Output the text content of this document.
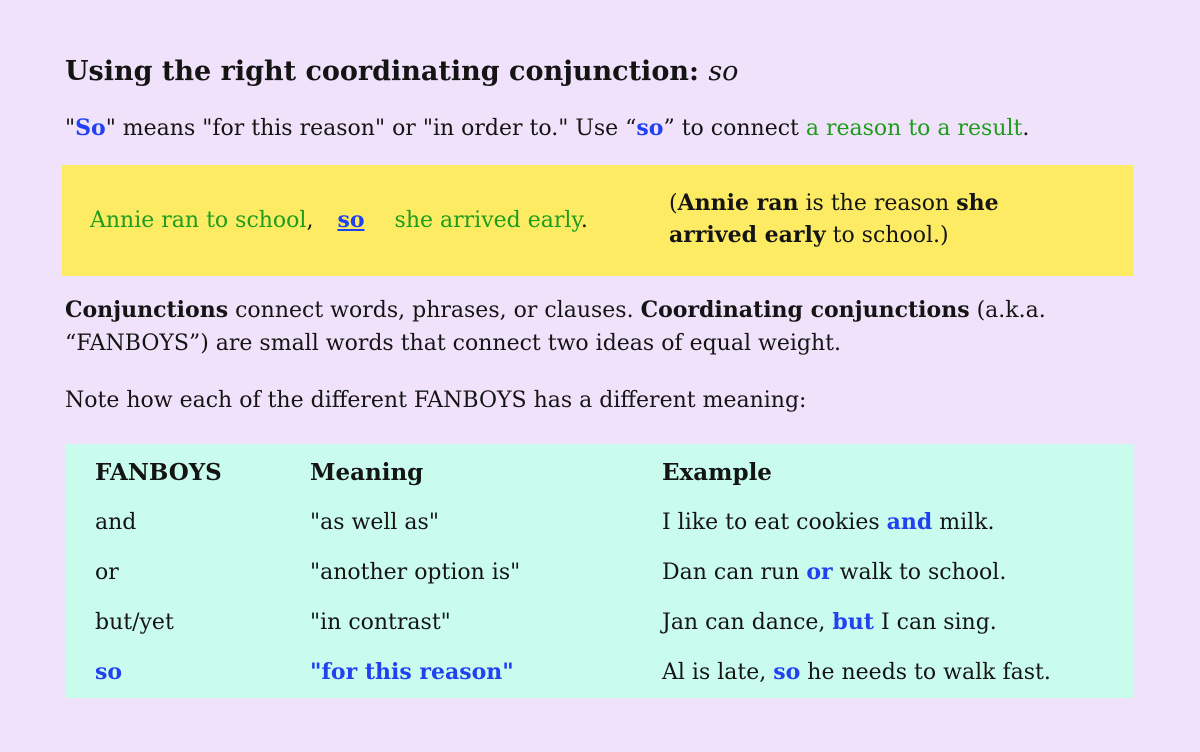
Using the right coordinating conjunction: so

"So" means "for this reason" or "in order to." Use “so” to connect a reason to a result.

Annie ran to school, so she arrived early.
(Annie ran is the reason she arrived early to school.)

Conjunctions connect words, phrases, or clauses. Coordinating conjunctions (a.k.a. “FANBOYS”) are small words that connect two ideas of equal weight.

Note how each of the different FANBOYS has a different meaning:

FANBOYS	Meaning	Example
and	"as well as"	I like to eat cookies and milk.
or	"another option is"	Dan can run or walk to school.
but/yet	"in contrast"	Jan can dance, but I can sing.
so	"for this reason"	Al is late, so he needs to walk fast.
